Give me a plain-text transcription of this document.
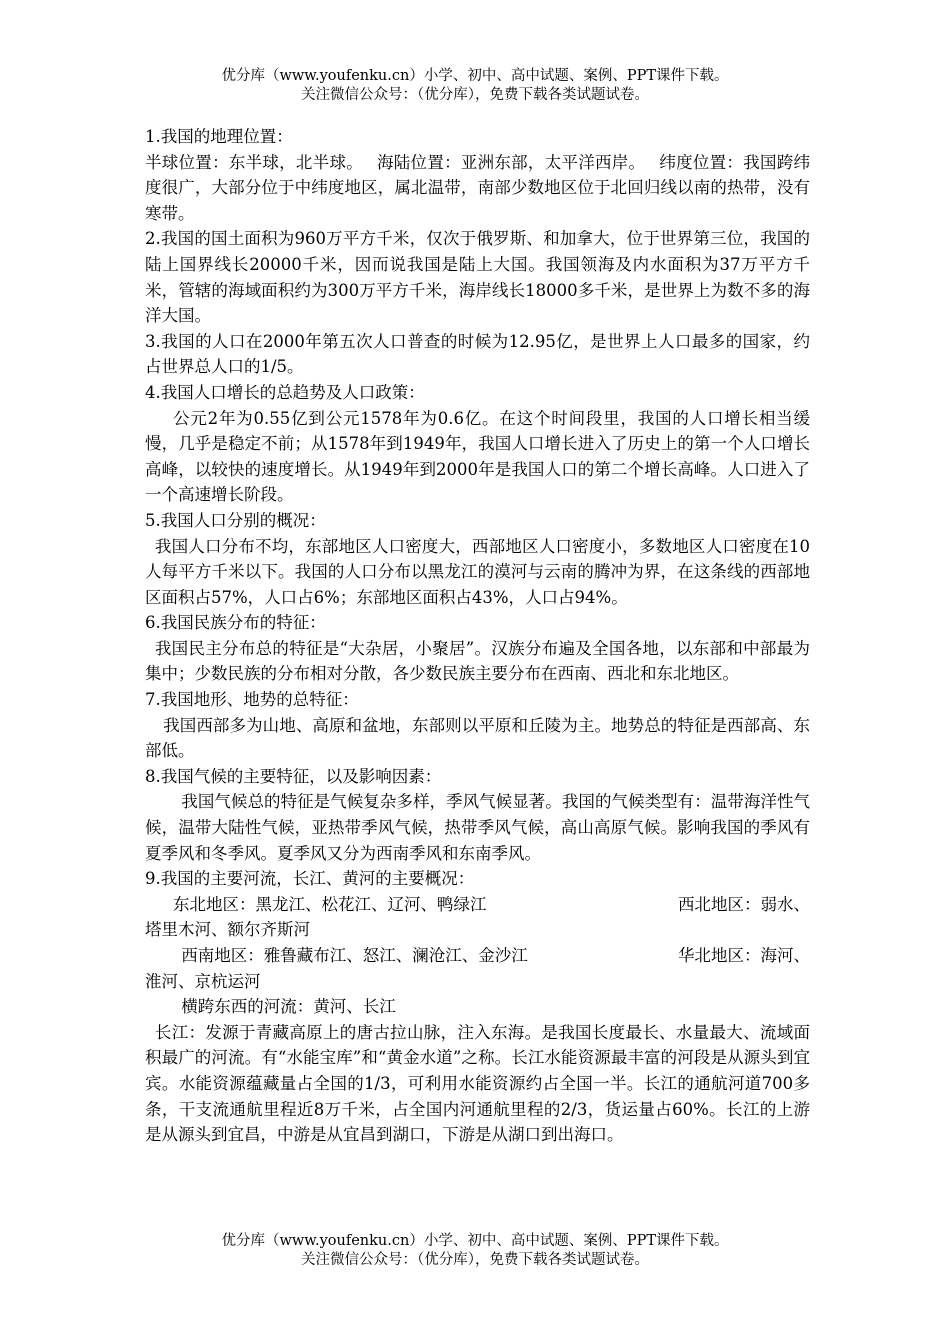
优分库（www.youfenku.cn）小学、初中、高中试题、案例、PPT课件下载。
关注微信公众号：（优分库），免费下载各类试题试卷。

1.我国的地理位置：

半球位置：东半球，北半球。　 海陆位置：亚洲东部，太平洋西岸。　 纬度位置：我国跨纬度很广，大部分位于中纬度地区，属北温带，南部少数地区位于北回归线以南的热带，没有寒带。

2.我国的国土面积为960万平方千米，仅次于俄罗斯、和加拿大，位于世界第三位，我国的陆上国界线长20000千米，因而说我国是陆上大国。我国领海及内水面积为37万平方千米，管辖的海域面积约为300万平方千米，海岸线长18000多千米，是世界上为数不多的海洋大国。

3.我国的人口在2000年第五次人口普查的时候为12.95亿，是世界上人口最多的国家，约占世界总人口的1/5。

4.我国人口增长的总趋势及人口政策：

公元2年为0.55亿到公元1578年为0.6亿。在这个时间段里，我国的人口增长相当缓慢，几乎是稳定不前；从1578年到1949年，我国人口增长进入了历史上的第一个人口增长高峰，以较快的速度增长。从1949年到2000年是我国人口的第二个增长高峰。人口进入了一个高速增长阶段。

5.我国人口分别的概况：

我国人口分布不均，东部地区人口密度大，西部地区人口密度小，多数地区人口密度在10人每平方千米以下。我国的人口分布以黑龙江的漠河与云南的腾冲为界，在这条线的西部地区面积占57%，人口占6%；东部地区面积占43%，人口占94%。

6.我国民族分布的特征：

我国民主分布总的特征是“大杂居，小聚居”。汉族分布遍及全国各地，以东部和中部最为集中；少数民族的分布相对分散，各少数民族主要分布在西南、西北和东北地区。

7.我国地形、地势的总特征：

我国西部多为山地、高原和盆地，东部则以平原和丘陵为主。地势总的特征是西部高、东部低。

8.我国气候的主要特征，以及影响因素：

我国气候总的特征是气候复杂多样，季风气候显著。我国的气候类型有：温带海洋性气候，温带大陆性气候，亚热带季风气候，热带季风气候，高山高原气候。影响我国的季风有夏季风和冬季风。夏季风又分为西南季风和东南季风。

9.我国的主要河流，长江、黄河的主要概况：

东北地区：黑龙江、松花江、辽河、鸭绿江	西北地区：弱水、

塔里木河、额尔齐斯河

西南地区：雅鲁藏布江、怒江、澜沧江、金沙江	华北地区：海河、

淮河、京杭运河

横跨东西的河流：黄河、长江

长江：发源于青藏高原上的唐古拉山脉，注入东海。是我国长度最长、水量最大、流域面积最广的河流。有“水能宝库”和“黄金水道”之称。长江水能资源最丰富的河段是从源头到宜宾。水能资源蕴藏量占全国的1/3，可利用水能资源约占全国一半。长江的通航河道700多条，干支流通航里程近8万千米，占全国内河通航里程的2/3，货运量占60%。长江的上游是从源头到宜昌，中游是从宜昌到湖口，下游是从湖口到出海口。

优分库（www.youfenku.cn）小学、初中、高中试题、案例、PPT课件下载。
关注微信公众号：（优分库），免费下载各类试题试卷。
